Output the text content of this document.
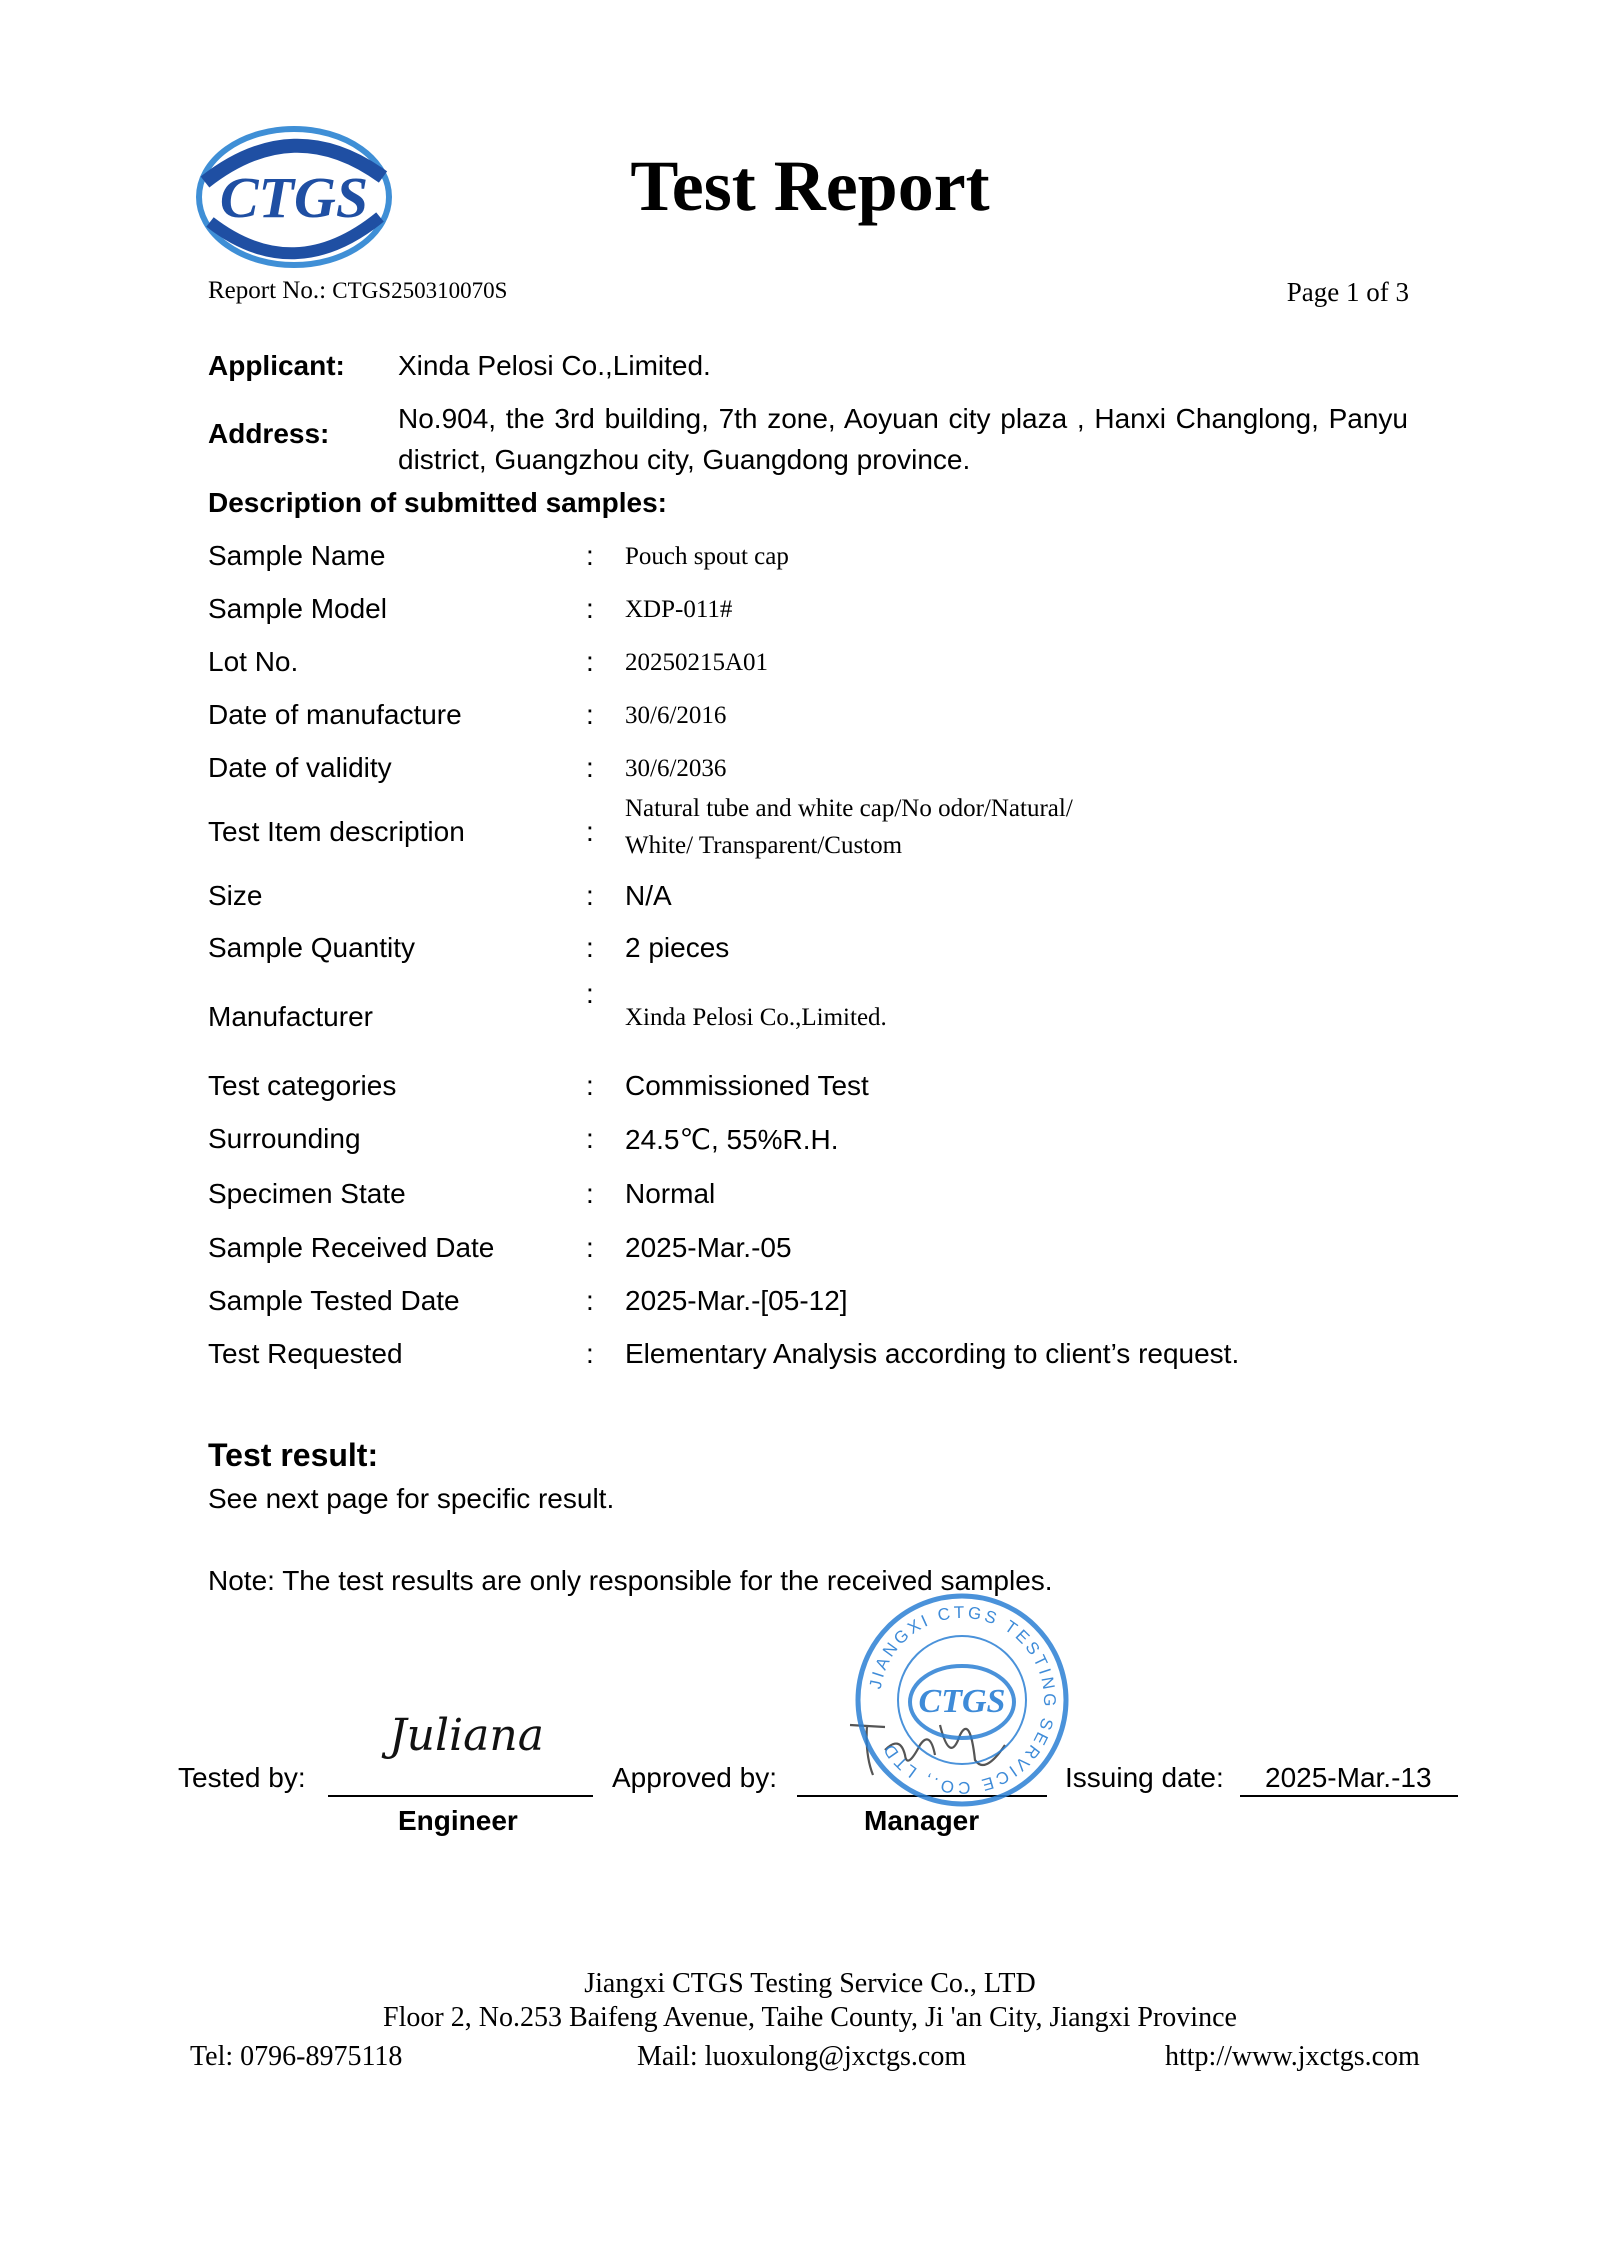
CTGS	Test Report
Report No.: CTGS250310070S	Page 1 of 3
Applicant: Xinda Pelosi Co.,Limited.
Address: No.904, the 3rd building, 7th zone, Aoyuan city plaza , Hanxi Changlong, Panyu district, Guangzhou city, Guangdong province.
Description of submitted samples:
Sample Name	: Pouch spout cap
Sample Model	: XDP-011#
Lot No.	: 20250215A01
Date of manufacture	: 30/6/2016
Date of validity	: 30/6/2036
Test Item description	:
Natural tube and white cap/No odor/Natural/
White/ Transparent/Custom
Size	: N/A
Sample Quantity	: 2 pieces
Manufacturer
:
Xinda Pelosi Co.,Limited.
Test categories	: Commissioned Test
Surrounding	: 24.5℃, 55%R.H.
Specimen State	: Normal
Sample Received Date	: 2025-Mar.-05
Sample Tested Date	: 2025-Mar.-[05-12]
Test Requested	: Elementary Analysis according to client’s request.
Test result:
See next page for specific result.
Note: The test results are only responsible for the received samples.
Tested by:
Juliana
Engineer
Approved by:
Manager
JIANGXI CTGS TESTING SERVICE CO., LTD
CTGS
Issuing date: 2025-Mar.-13
Jiangxi CTGS Testing Service Co., LTD
Floor 2, No.253 Baifeng Avenue, Taihe County, Ji 'an City, Jiangxi Province
Tel: 0796-8975118	Mail: luoxulong@jxctgs.com	http://www.jxctgs.com
